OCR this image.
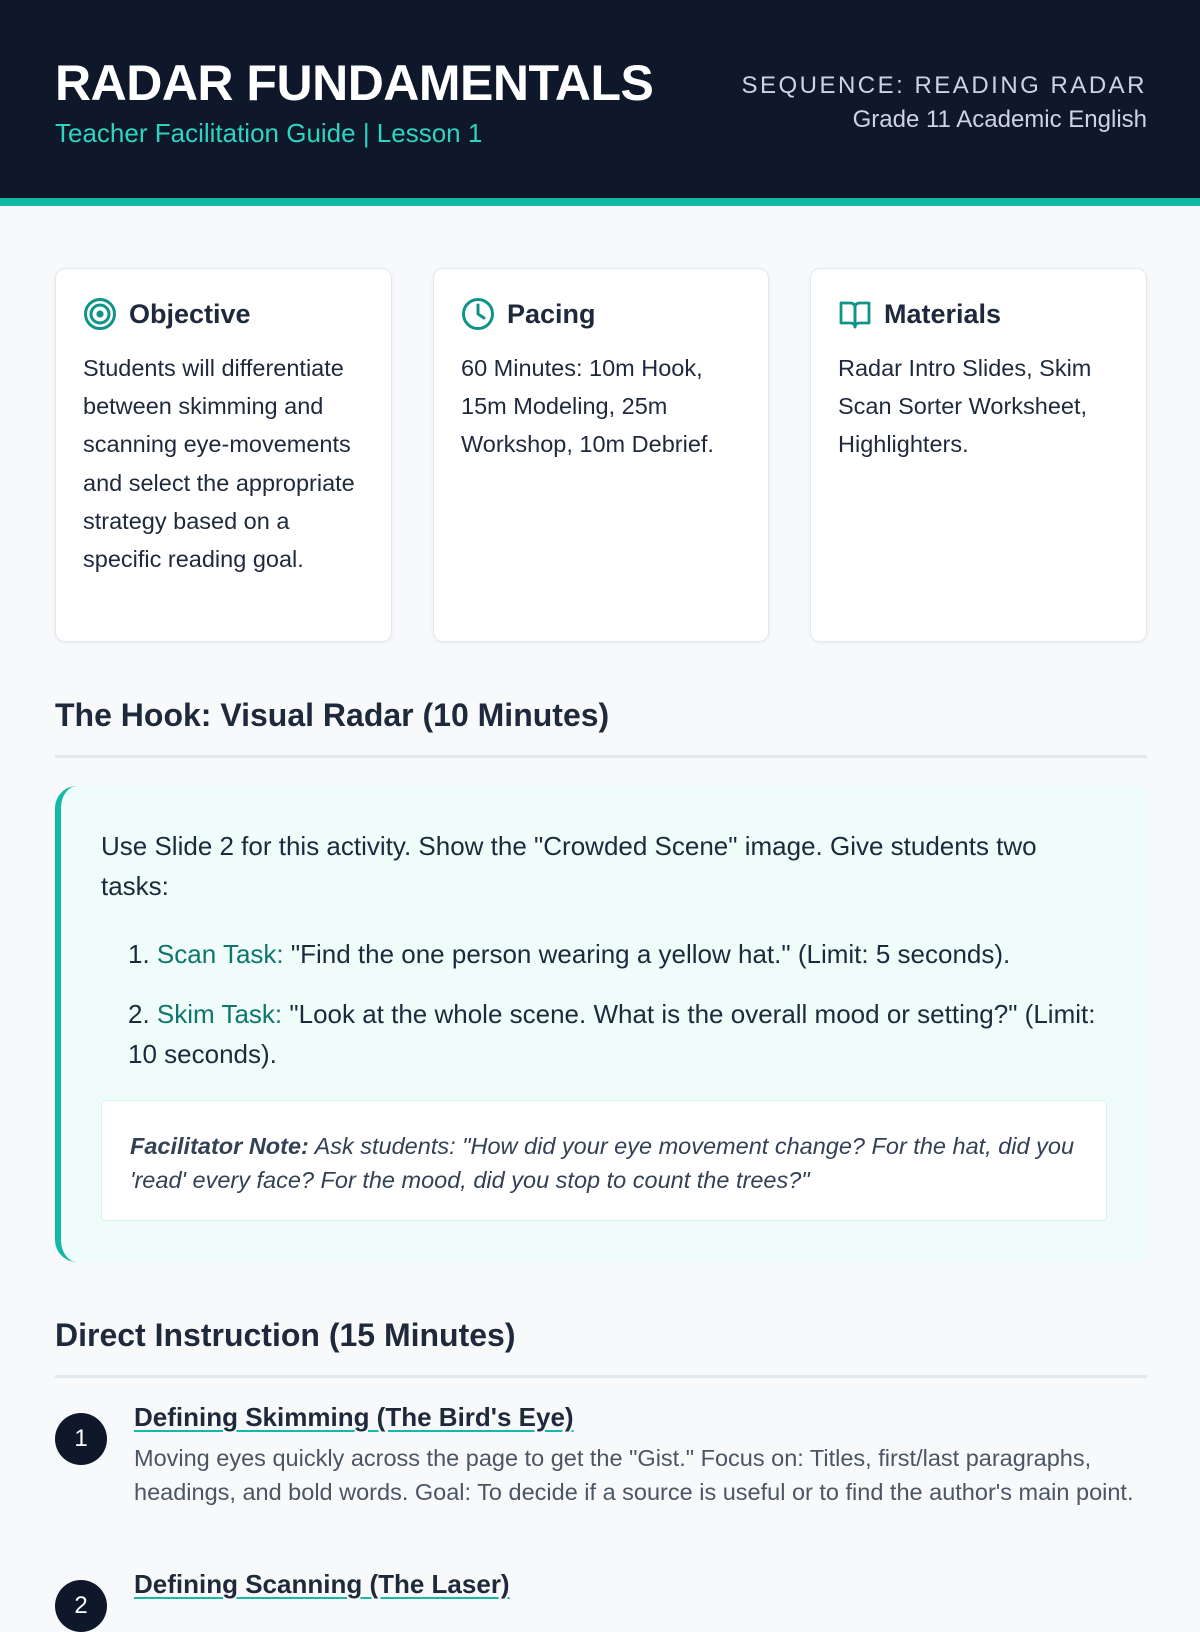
RADAR FUNDAMENTALS
Teacher Facilitation Guide | Lesson 1
SEQUENCE: READING RADAR
Grade 11 Academic English
Objective
Students will differentiate between skimming and scanning eye-movements and select the appropriate strategy based on a specific reading goal.
Pacing
60 Minutes: 10m Hook, 15m Modeling, 25m Workshop, 10m Debrief.
Materials
Radar Intro Slides, Skim Scan Sorter Worksheet, Highlighters.
The Hook: Visual Radar (10 Minutes)
Use Slide 2 for this activity. Show the "Crowded Scene" image. Give students two tasks:
1. Scan Task: "Find the one person wearing a yellow hat." (Limit: 5 seconds).
2. Skim Task: "Look at the whole scene. What is the overall mood or setting?" (Limit: 10 seconds).
Facilitator Note: Ask students: "How did your eye movement change? For the hat, did you 'read' every face? For the mood, did you stop to count the trees?"
Direct Instruction (15 Minutes)
1
Defining Skimming (The Bird's Eye)
Moving eyes quickly across the page to get the "Gist." Focus on: Titles, first/last paragraphs, headings, and bold words. Goal: To decide if a source is useful or to find the author's main point.
2
Defining Scanning (The Laser)
